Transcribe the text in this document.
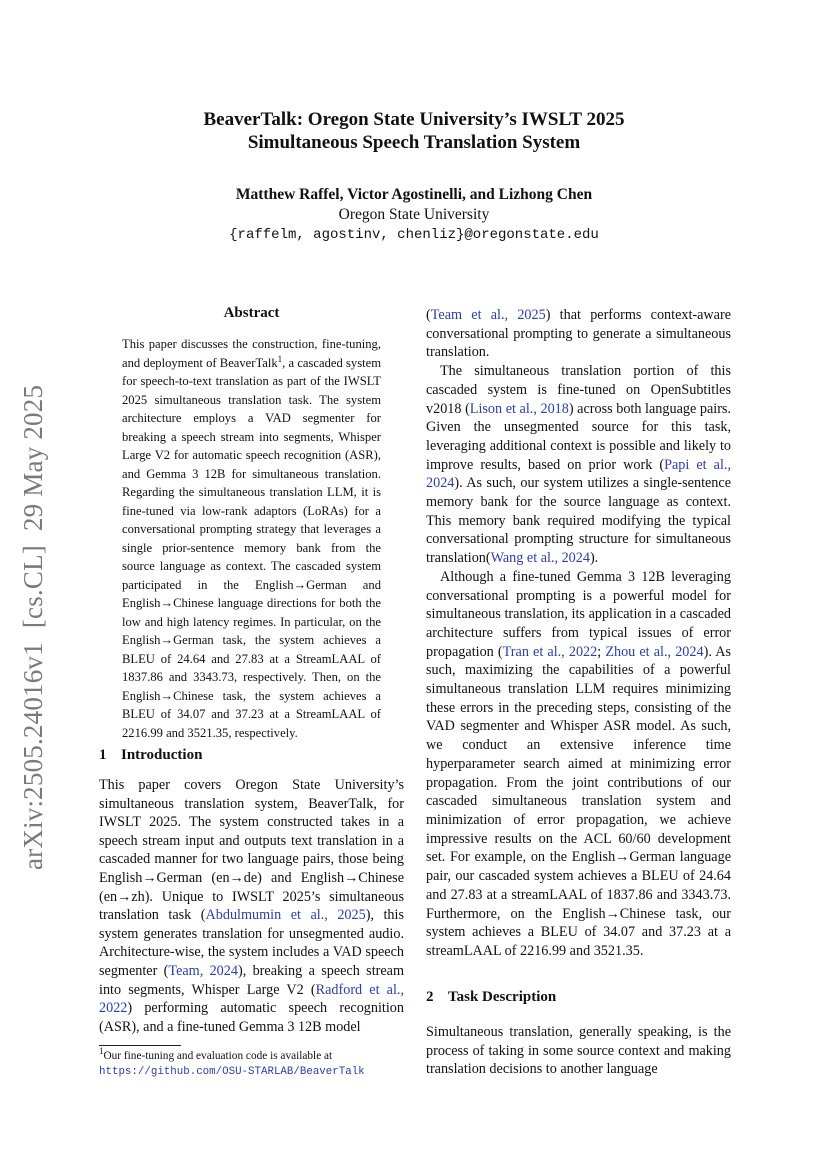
arXiv:2505.24016v1[cs.CL]29 May 2025
BeaverTalk: Oregon State University’s IWSLT 2025
Simultaneous Speech Translation System
Matthew Raffel, Victor Agostinelli, and Lizhong Chen
Oregon State University
{raffelm, agostinv, chenliz}@oregonstate.edu
Abstract
This paper discusses the construction, fine-tuning, and deployment of BeaverTalk$^1$, a cascaded system for speech-to-text translation as part of the IWSLT 2025 simultaneous translation task. The system architecture employs a VAD segmenter for breaking a speech stream into segments, Whisper Large V2 for automatic speech recognition (ASR), and Gemma 3 12B for simultaneous translation. Regarding the simultaneous translation LLM, it is fine-tuned via low-rank adaptors (LoRAs) for a conversational prompting strategy that leverages a single prior-sentence memory bank from the source language as context. The cascaded system participated in the English→German and English→Chinese language directions for both the low and high latency regimes. In particular, on the English→German task, the system achieves a BLEU of 24.64 and 27.83 at a StreamLAAL of 1837.86 and 3343.73, respectively. Then, on the English→Chinese task, the system achieves a BLEU of 34.07 and 37.23 at a StreamLAAL of 2216.99 and 3521.35, respectively.
1 Introduction

This paper covers Oregon State University’s simultaneous translation system, BeaverTalk, for IWSLT 2025. The system constructed takes in a speech stream input and outputs text translation in a cascaded manner for two language pairs, those being English→German (en→de) and English→Chinese (en→zh). Unique to IWSLT 2025’s simultaneous translation task (Abdulmumin et al., 2025), this system generates translation for unsegmented audio. Architecture-wise, the system includes a VAD speech segmenter (Team, 2024), breaking a speech stream into segments, Whisper Large V2 (Radford et al., 2022) performing automatic speech recognition (ASR), and a fine-tuned Gemma 3 12B model

$^1$Our fine-tuning and evaluation code is available at https://github.com/OSU-STARLAB/BeaverTalk

(Team et al., 2025) that performs context-aware conversational prompting to generate a simultaneous translation.

The simultaneous translation portion of this cascaded system is fine-tuned on OpenSubtitles v2018 (Lison et al., 2018) across both language pairs. Given the unsegmented source for this task, leveraging additional context is possible and likely to improve results, based on prior work (Papi et al., 2024). As such, our system utilizes a single-sentence memory bank for the source language as context. This memory bank required modifying the typical conversational prompting structure for simultaneous translation(Wang et al., 2024).

Although a fine-tuned Gemma 3 12B leveraging conversational prompting is a powerful model for simultaneous translation, its application in a cascaded architecture suffers from typical issues of error propagation (Tran et al., 2022; Zhou et al., 2024). As such, maximizing the capabilities of a powerful simultaneous translation LLM requires minimizing these errors in the preceding steps, consisting of the VAD segmenter and Whisper ASR model. As such, we conduct an extensive inference time hyperparameter search aimed at minimizing error propagation. From the joint contributions of our cascaded simultaneous translation system and minimization of error propagation, we achieve impressive results on the ACL 60/60 development set. For example, on the English→German language pair, our cascaded system achieves a BLEU of 24.64 and 27.83 at a streamLAAL of 1837.86 and 3343.73. Furthermore, on the English→Chinese task, our system achieves a BLEU of 34.07 and 37.23 at a streamLAAL of 2216.99 and 3521.35.

2 Task Description

Simultaneous translation, generally speaking, is the process of taking in some source context and making translation decisions to another language
